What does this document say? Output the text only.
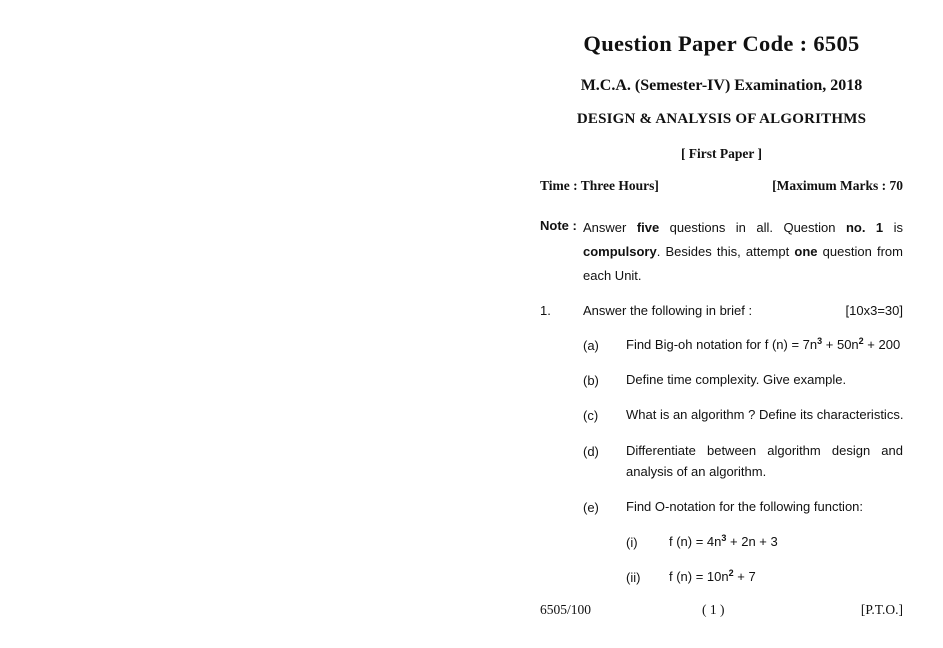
Question Paper Code : 6505
M.C.A. (Semester-IV) Examination, 2018
DESIGN & ANALYSIS OF ALGORITHMS
[ First Paper ]
Time : Three Hours]	[Maximum Marks : 70
Note : Answer five questions in all. Question no. 1 is compulsory. Besides this, attempt one question from each Unit.
1. Answer the following in brief :	[10x3=30]
(a) Find Big-oh notation for f $(n) = 7n^3 + 50n^2 + 200$
(b) Define time complexity. Give example.
(c) What is an algorithm ? Define its characteristics.
(d) Differentiate between algorithm design and
analysis of an algorithm.
(e) Find O-notation for the following function:
(i) f $(n) = 4n^3 + 2n + 3$
(ii) f $(n) = 10n^2 + 7$
6505/100	( 1 )	[P.T.O.]
